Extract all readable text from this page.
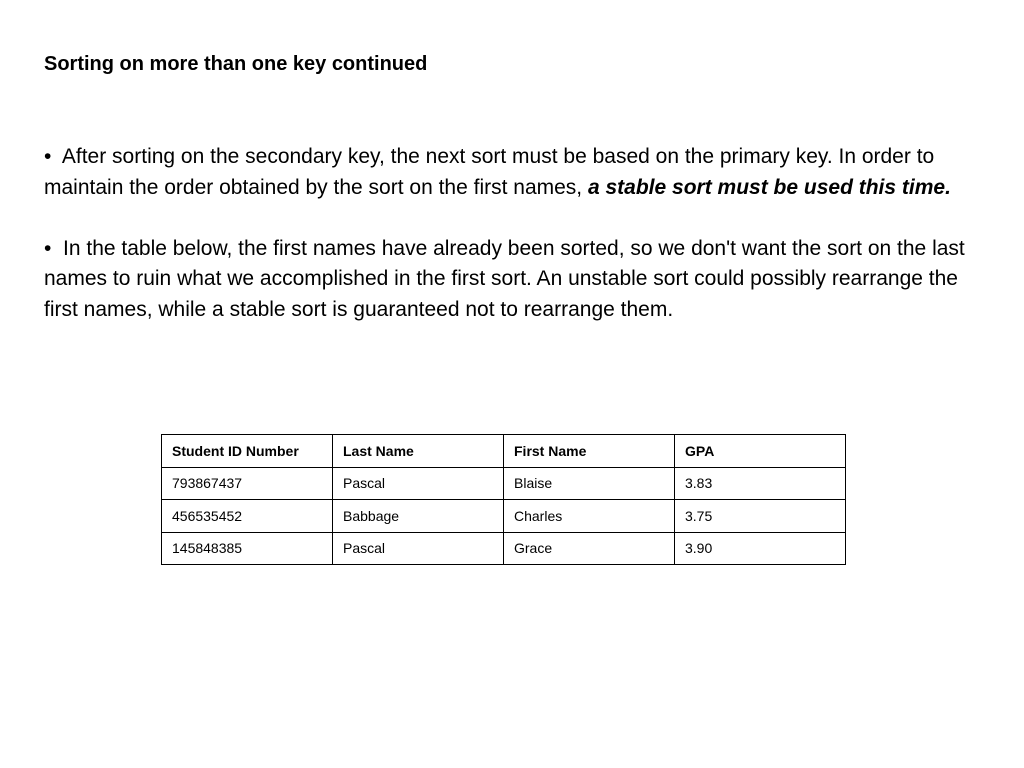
Sorting on more than one key continued

• After sorting on the secondary key, the next sort must be based on the primary key. In order to maintain the order obtained by the sort on the first names, a stable sort must be used this time.

• In the table below, the first names have already been sorted, so we don't want the sort on the last names to ruin what we accomplished in the first sort. An unstable sort could possibly rearrange the first names, while a stable sort is guaranteed not to rearrange them.

Student ID Number	Last Name	First Name	GPA
793867437	Pascal	Blaise	3.83
456535452	Babbage	Charles	3.75
145848385	Pascal	Grace	3.90
